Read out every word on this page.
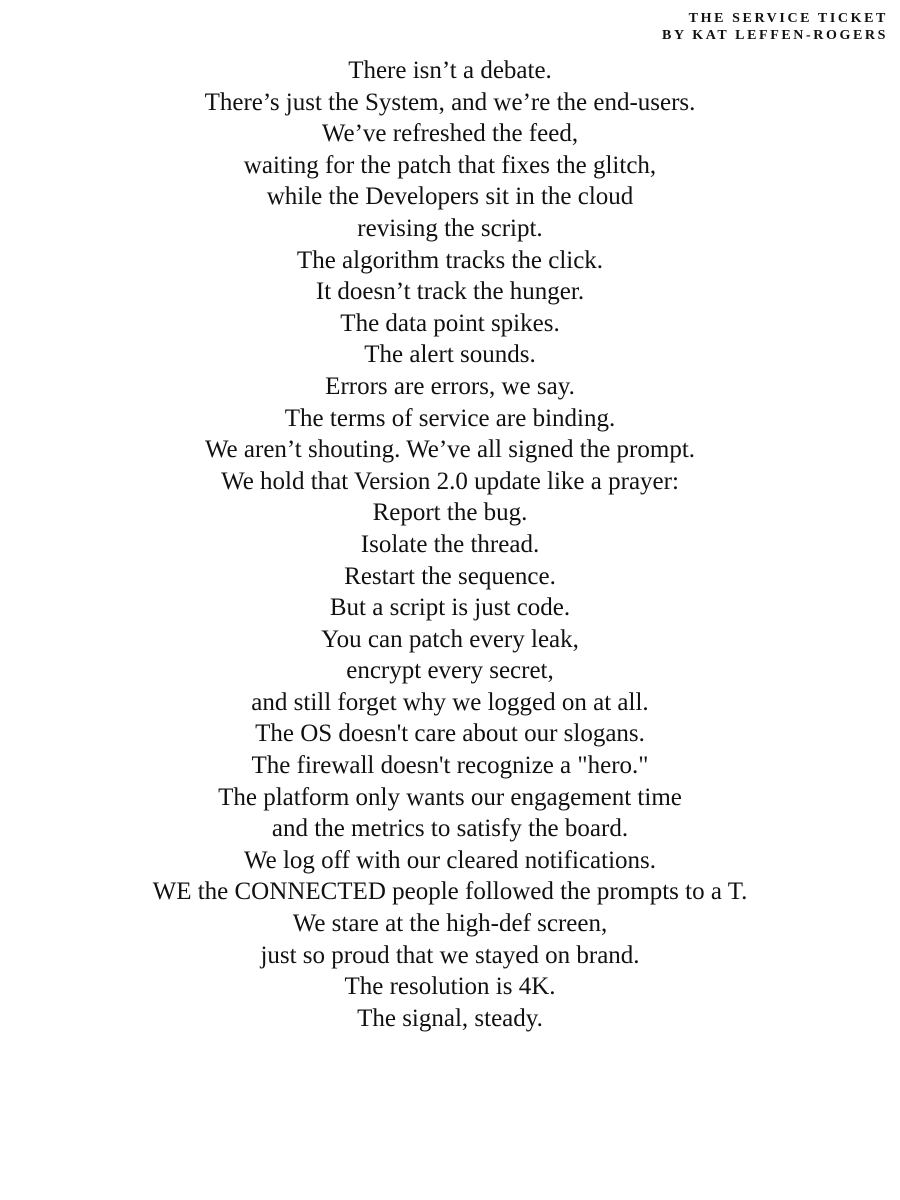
THE SERVICE TICKET
BY KAT LEFFEN-ROGERS
There isn’t a debate.
There’s just the System, and we’re the end-users.
We’ve refreshed the feed,
waiting for the patch that fixes the glitch,
while the Developers sit in the cloud
revising the script.
The algorithm tracks the click.
It doesn’t track the hunger.
The data point spikes.
The alert sounds.
Errors are errors, we say.
The terms of service are binding.
We aren’t shouting. We’ve all signed the prompt.
We hold that Version 2.0 update like a prayer:
Report the bug.
Isolate the thread.
Restart the sequence.
But a script is just code.
You can patch every leak,
encrypt every secret,
and still forget why we logged on at all.
The OS doesn't care about our slogans.
The firewall doesn't recognize a "hero."
The platform only wants our engagement time
and the metrics to satisfy the board.
We log off with our cleared notifications.
WE the CONNECTED people followed the prompts to a T.
We stare at the high-def screen,
just so proud that we stayed on brand.
The resolution is 4K.
The signal, steady.
